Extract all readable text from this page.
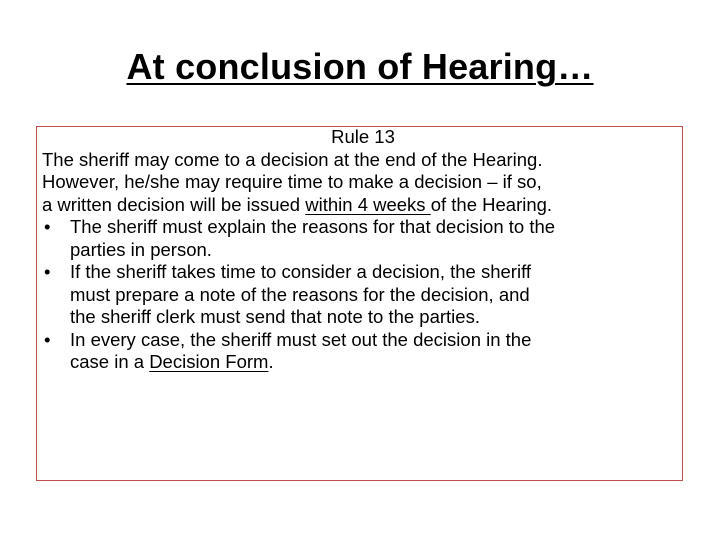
At conclusion of Hearing…

Rule 13

The sheriff may come to a decision at the end of the Hearing.

However, he/she may require time to make a decision – if so,

a written decision will be issued within 4 weeks of the Hearing.

• The sheriff must explain the reasons for that decision to the
parties in person.
• If the sheriff takes time to consider a decision, the sheriff
must prepare a note of the reasons for the decision, and
the sheriff clerk must send that note to the parties.
• In every case, the sheriff must set out the decision in the
case in a Decision Form.
